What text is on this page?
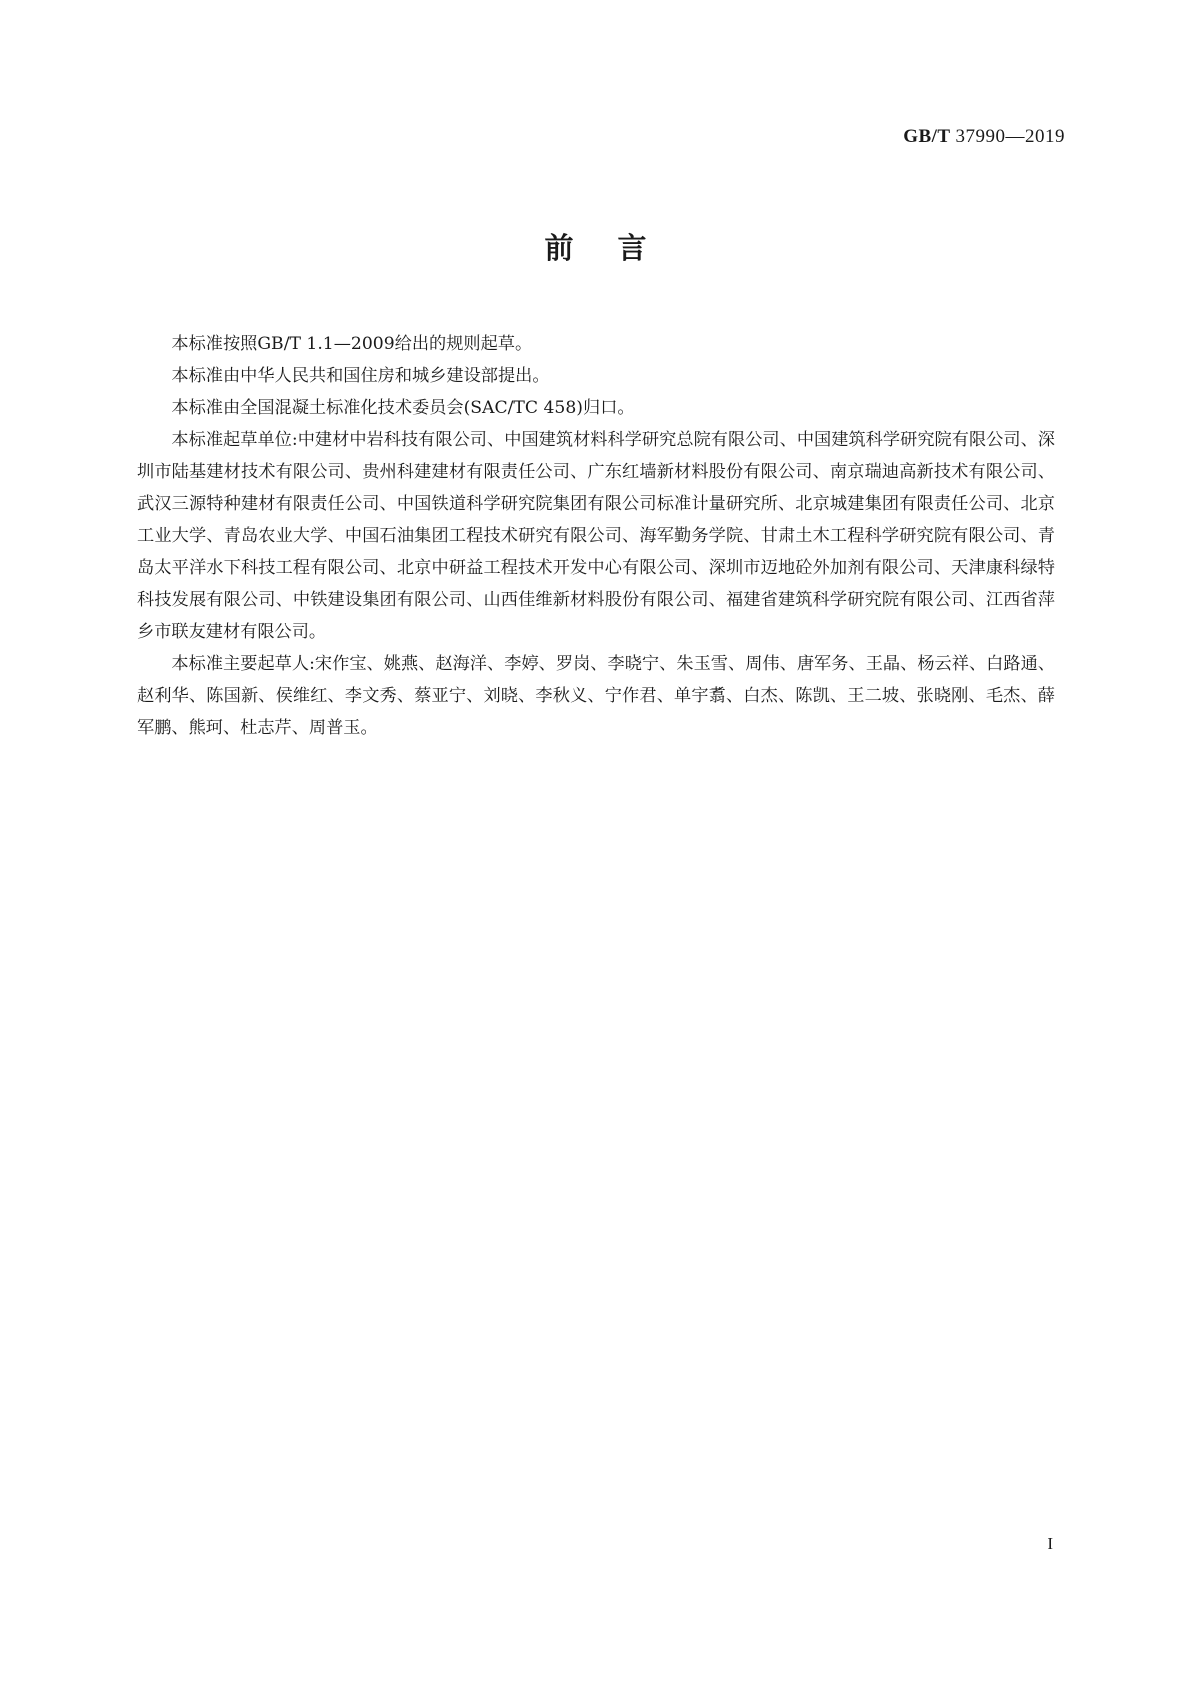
GB/T 37990—2019
前言

本标准按照GB/T 1.1—2009给出的规则起草。

本标准由中华人民共和国住房和城乡建设部提出。

本标准由全国混凝土标准化技术委员会(SAC/TC 458)归口。

本标准起草单位:中建材中岩科技有限公司、中国建筑材料科学研究总院有限公司、中国建筑科学研究院有限公司、深圳市陆基建材技术有限公司、贵州科建建材有限责任公司、广东红墙新材料股份有限公司、南京瑞迪高新技术有限公司、武汉三源特种建材有限责任公司、中国铁道科学研究院集团有限公司标准计量研究所、北京城建集团有限责任公司、北京工业大学、青岛农业大学、中国石油集团工程技术研究有限公司、海军勤务学院、甘肃土木工程科学研究院有限公司、青岛太平洋水下科技工程有限公司、北京中研益工程技术开发中心有限公司、深圳市迈地砼外加剂有限公司、天津康科绿特科技发展有限公司、中铁建设集团有限公司、山西佳维新材料股份有限公司、福建省建筑科学研究院有限公司、江西省萍乡市联友建材有限公司。

本标准主要起草人:宋作宝、姚燕、赵海洋、李婷、罗岗、李晓宁、朱玉雪、周伟、唐军务、王晶、杨云祥、白路通、赵利华、陈国新、侯维红、李文秀、蔡亚宁、刘晓、李秋义、宁作君、单宇翥、白杰、陈凯、王二坡、张晓刚、毛杰、薛军鹏、熊珂、杜志芹、周普玉。

I
